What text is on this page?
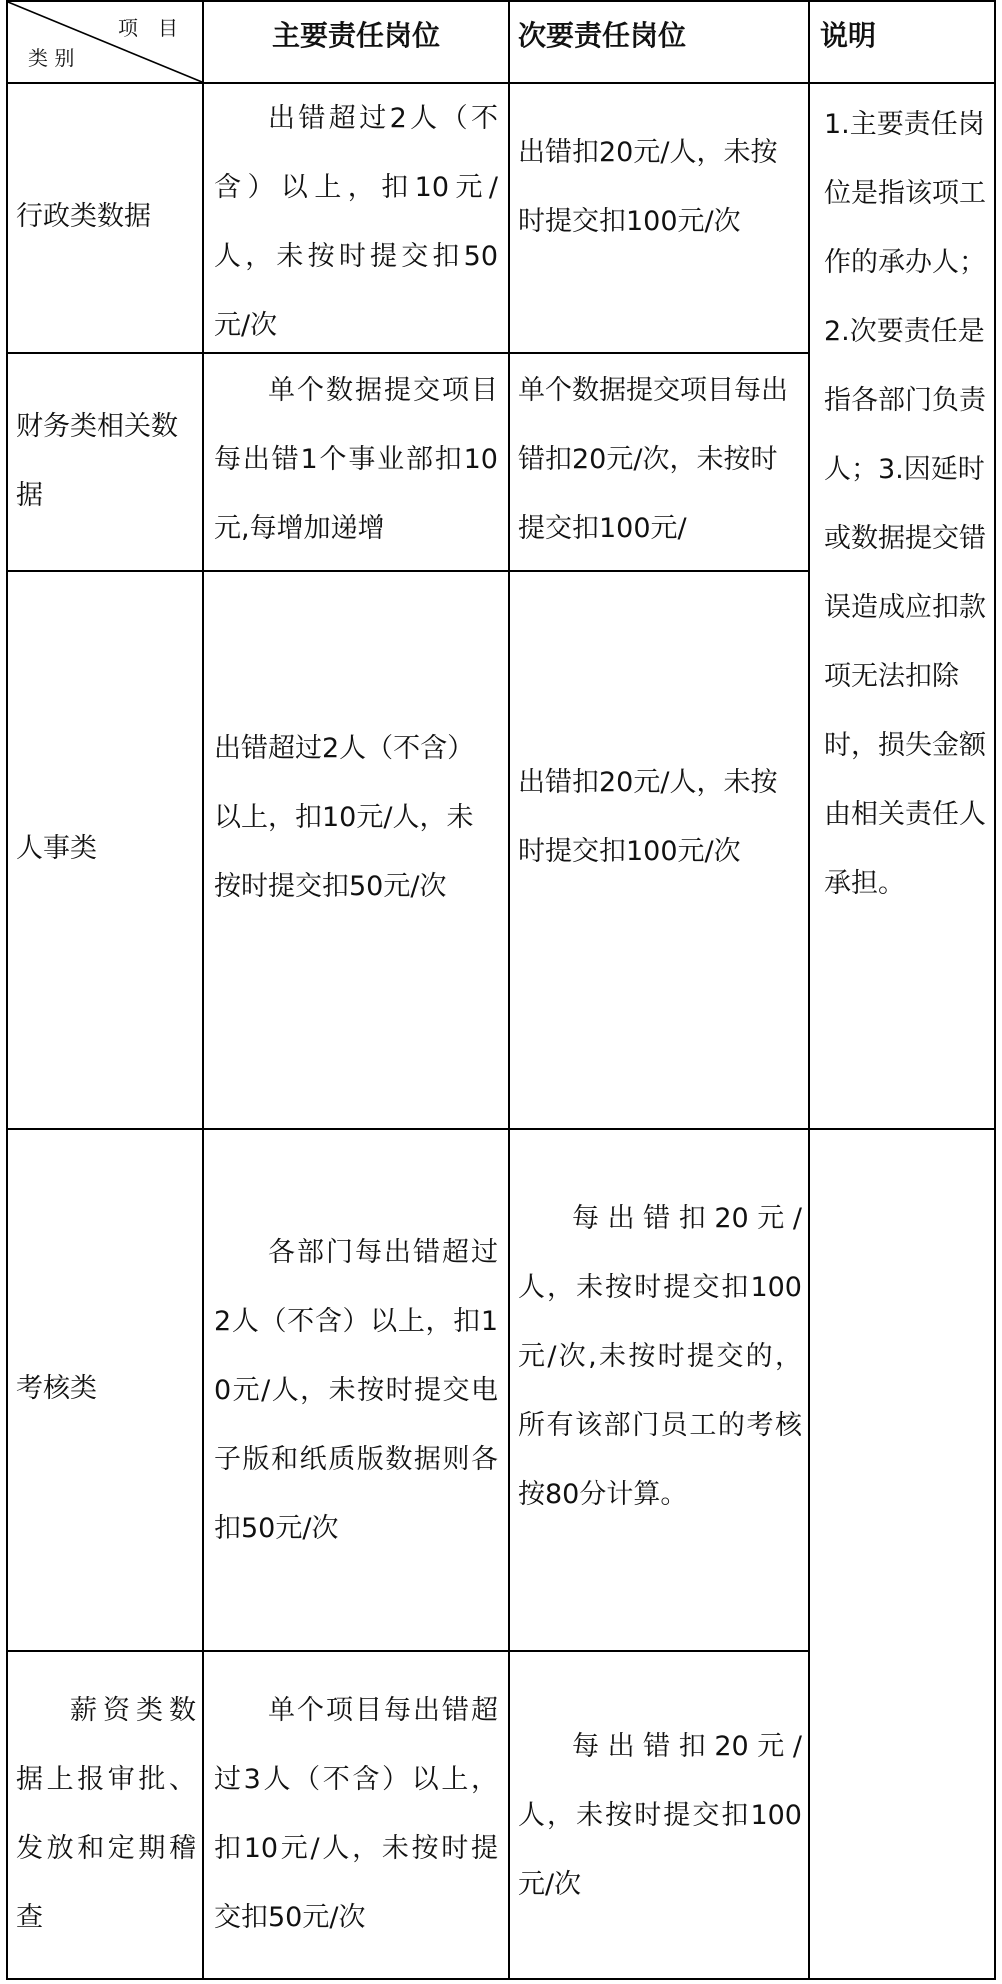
项　目
类 别
主要责任岗位	次要责任岗位	说明
行政类数据
出错超过2人（不含）以上，扣10元/人，未按时提交扣50元/次
出错扣20元/人，未按时提交扣100元/次
财务类相关数据
单个数据提交项目每出错1个事业部扣10元,每增加递增
单个数据提交项目每出错扣20元/次，未按时提交扣100元/
人事类
出错超过2人（不含）以上，扣10元/人，未按时提交扣50元/次
出错扣20元/人，未按时提交扣100元/次
1.主要责任岗位是指该项工作的承办人；2.次要责任是指各部门负责人；3.因延时或数据提交错误造成应扣款项无法扣除时，损失金额由相关责任人承担。
考核类
各部门每出错超过2人（不含）以上，扣10元/人，未按时提交电子版和纸质版数据则各扣50元/次
每出错扣20元/人，未按时提交扣100元/次,未按时提交的，所有该部门员工的考核按80分计算。
薪资类数据上报审批、发放和定期稽查
单个项目每出错超过3人（不含）以上，扣10元/人，未按时提交扣50元/次
每出错扣20元/人，未按时提交扣100元/次
